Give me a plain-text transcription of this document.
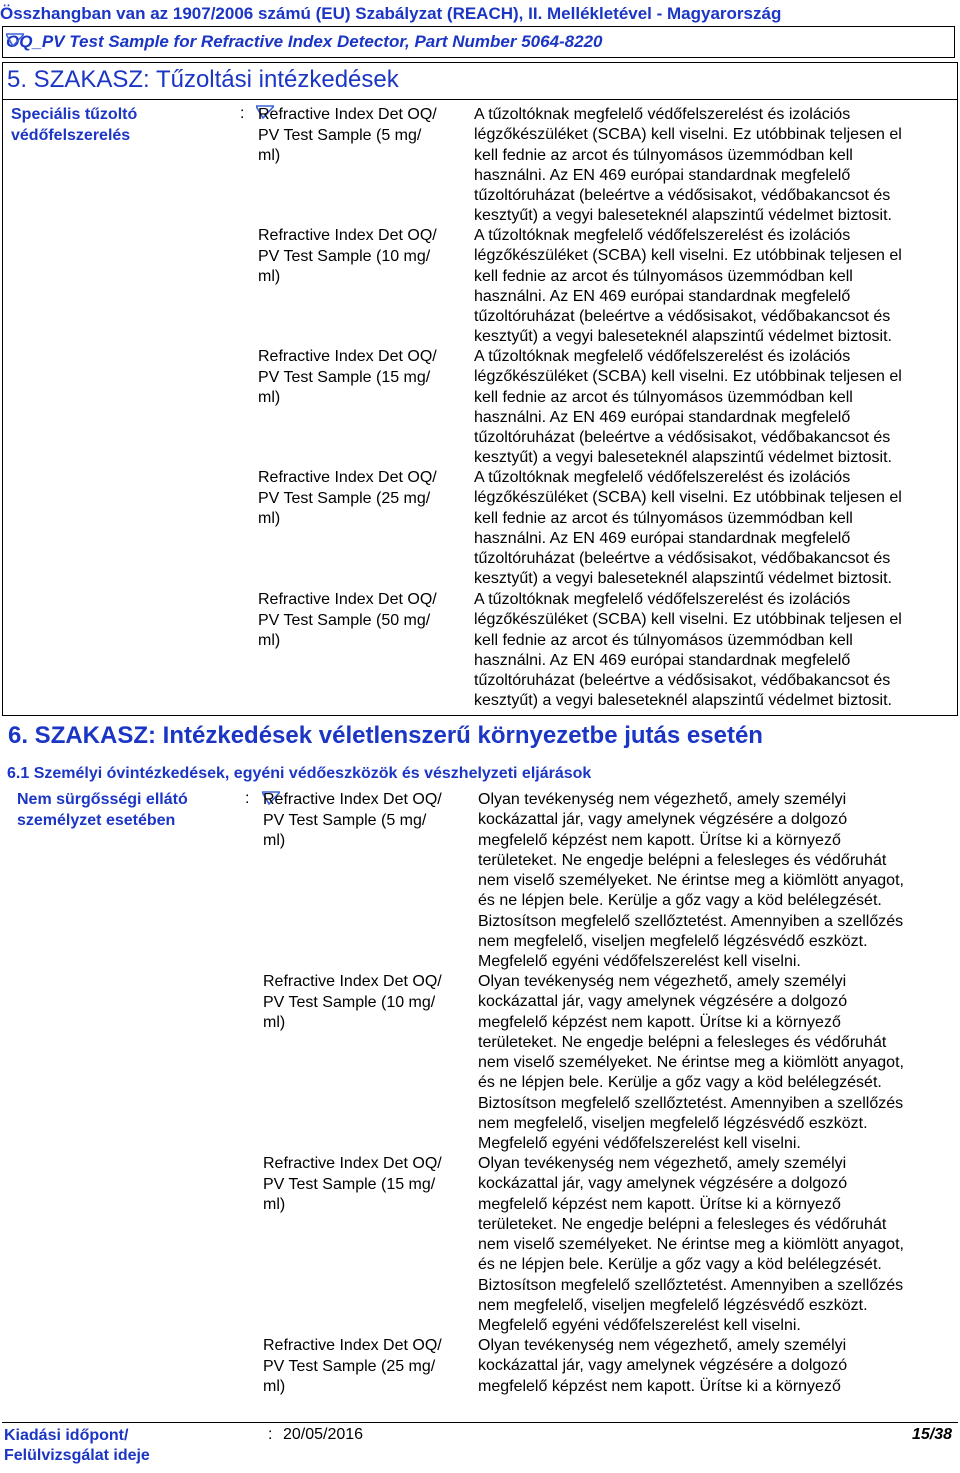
Összhangban van az 1907/2006 számú (EU) Szabályzat (REACH), II. Mellékletével - Magyarország
OQ_PV Test Sample for Refractive Index Detector, Part Number 5064-8220
5. SZAKASZ: Tűzoltási intézkedések
Speciális tűzoltó
védőfelszerelés
: Refractive Index Det OQ/
PV Test Sample (5 mg/
ml)
A tűzoltóknak megfelelő védőfelszerelést és izolációs
légzőkészüléket (SCBA) kell viselni. Ez utóbbinak teljesen el
kell fednie az arcot és túlnyomásos üzemmódban kell
használni. Az EN 469 európai standardnak megfelelő
tűzoltóruházat (beleértve a védősisakot, védőbakancsot és
kesztyűt) a vegyi baleseteknél alapszintű védelmet biztosit.
Refractive Index Det OQ/
PV Test Sample (10 mg/
ml)
A tűzoltóknak megfelelő védőfelszerelést és izolációs
légzőkészüléket (SCBA) kell viselni. Ez utóbbinak teljesen el
kell fednie az arcot és túlnyomásos üzemmódban kell
használni. Az EN 469 európai standardnak megfelelő
tűzoltóruházat (beleértve a védősisakot, védőbakancsot és
kesztyűt) a vegyi baleseteknél alapszintű védelmet biztosit.
Refractive Index Det OQ/
PV Test Sample (15 mg/
ml)
A tűzoltóknak megfelelő védőfelszerelést és izolációs
légzőkészüléket (SCBA) kell viselni. Ez utóbbinak teljesen el
kell fednie az arcot és túlnyomásos üzemmódban kell
használni. Az EN 469 európai standardnak megfelelő
tűzoltóruházat (beleértve a védősisakot, védőbakancsot és
kesztyűt) a vegyi baleseteknél alapszintű védelmet biztosit.
Refractive Index Det OQ/
PV Test Sample (25 mg/
ml)
A tűzoltóknak megfelelő védőfelszerelést és izolációs
légzőkészüléket (SCBA) kell viselni. Ez utóbbinak teljesen el
kell fednie az arcot és túlnyomásos üzemmódban kell
használni. Az EN 469 európai standardnak megfelelő
tűzoltóruházat (beleértve a védősisakot, védőbakancsot és
kesztyűt) a vegyi baleseteknél alapszintű védelmet biztosit.
Refractive Index Det OQ/
PV Test Sample (50 mg/
ml)
A tűzoltóknak megfelelő védőfelszerelést és izolációs
légzőkészüléket (SCBA) kell viselni. Ez utóbbinak teljesen el
kell fednie az arcot és túlnyomásos üzemmódban kell
használni. Az EN 469 európai standardnak megfelelő
tűzoltóruházat (beleértve a védősisakot, védőbakancsot és
kesztyűt) a vegyi baleseteknél alapszintű védelmet biztosit.
6. SZAKASZ: Intézkedések véletlenszerű környezetbe jutás esetén
6.1 Személyi óvintézkedések, egyéni védőeszközök és vészhelyzeti eljárások
Nem sürgősségi ellátó
személyzet esetében
: Refractive Index Det OQ/
PV Test Sample (5 mg/
ml)
Olyan tevékenység nem végezhető, amely személyi
kockázattal jár, vagy amelynek végzésére a dolgozó
megfelelő képzést nem kapott. Ürítse ki a környező
területeket. Ne engedje belépni a felesleges és védőruhát
nem viselő személyeket. Ne érintse meg a kiömlött anyagot,
és ne lépjen bele. Kerülje a gőz vagy a köd belélegzését.
Biztosítson megfelelő szellőztetést. Amennyiben a szellőzés
nem megfelelő, viseljen megfelelő légzésvédő eszközt.
Megfelelő egyéni védőfelszerelést kell viselni.
Refractive Index Det OQ/
PV Test Sample (10 mg/
ml)
Olyan tevékenység nem végezhető, amely személyi
kockázattal jár, vagy amelynek végzésére a dolgozó
megfelelő képzést nem kapott. Ürítse ki a környező
területeket. Ne engedje belépni a felesleges és védőruhát
nem viselő személyeket. Ne érintse meg a kiömlött anyagot,
és ne lépjen bele. Kerülje a gőz vagy a köd belélegzését.
Biztosítson megfelelő szellőztetést. Amennyiben a szellőzés
nem megfelelő, viseljen megfelelő légzésvédő eszközt.
Megfelelő egyéni védőfelszerelést kell viselni.
Refractive Index Det OQ/
PV Test Sample (15 mg/
ml)
Olyan tevékenység nem végezhető, amely személyi
kockázattal jár, vagy amelynek végzésére a dolgozó
megfelelő képzést nem kapott. Ürítse ki a környező
területeket. Ne engedje belépni a felesleges és védőruhát
nem viselő személyeket. Ne érintse meg a kiömlött anyagot,
és ne lépjen bele. Kerülje a gőz vagy a köd belélegzését.
Biztosítson megfelelő szellőztetést. Amennyiben a szellőzés
nem megfelelő, viseljen megfelelő légzésvédő eszközt.
Megfelelő egyéni védőfelszerelést kell viselni.
Refractive Index Det OQ/
PV Test Sample (25 mg/
ml)
Olyan tevékenység nem végezhető, amely személyi
kockázattal jár, vagy amelynek végzésére a dolgozó
megfelelő képzést nem kapott. Ürítse ki a környező
Kiadási időpont/
Felülvizsgálat ideje
: 20/05/2016	15/38
